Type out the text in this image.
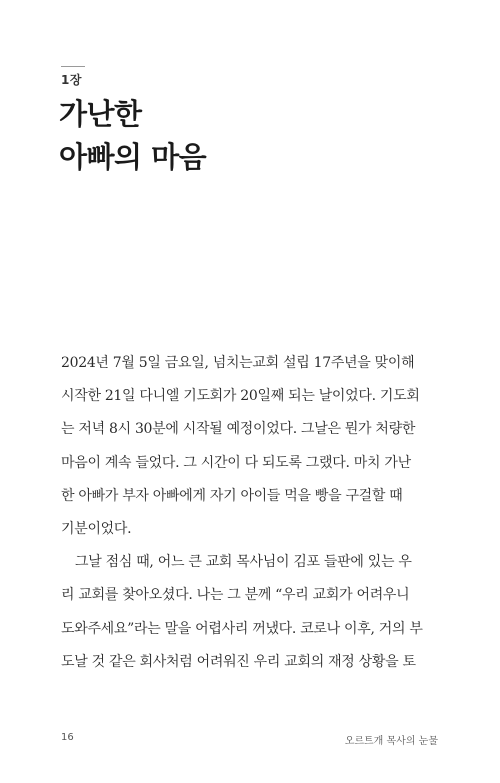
1장
가난한
아빠의 마음
2024년 7월 5일 금요일, 넘치는교회 설립 17주년을 맞이해
시작한 21일 다니엘 기도회가 20일째 되는 날이었다. 기도회
는 저녁 8시 30분에 시작될 예정이었다. 그날은 뭔가 처량한
마음이 계속 들었다. 그 시간이 다 되도록 그랬다. 마치 가난
한 아빠가 부자 아빠에게 자기 아이들 먹을 빵을 구걸할 때
기분이었다.
그날 점심 때, 어느 큰 교회 목사님이 김포 들판에 있는 우
리 교회를 찾아오셨다. 나는 그 분께 “우리 교회가 어려우니
도와주세요”라는 말을 어렵사리 꺼냈다. 코로나 이후, 거의 부
도날 것 같은 회사처럼 어려워진 우리 교회의 재정 상황을 토
16	오르트개 목사의 눈물
